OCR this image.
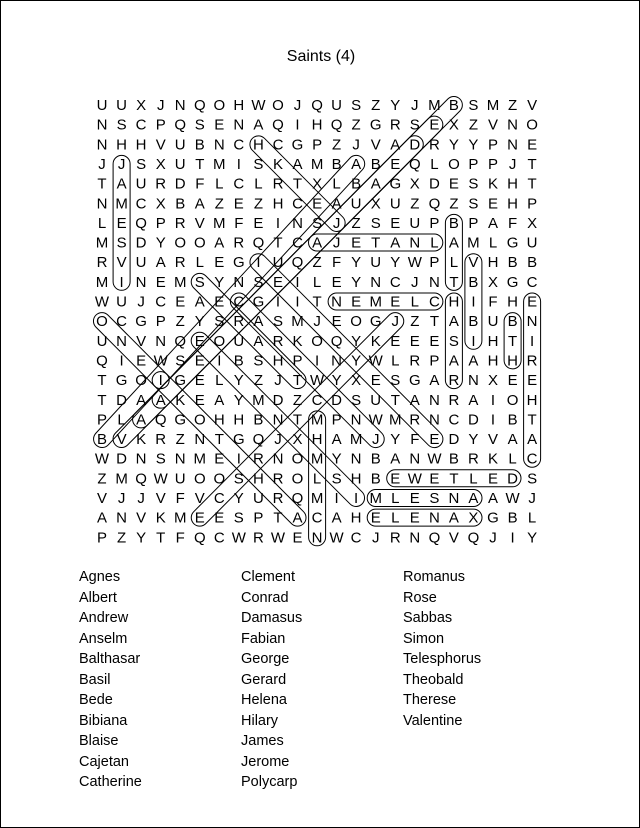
Saints (4)
U U X J N Q O H W O J Q U S Z Y J M B S M Z V
N S C P Q S E N A Q I H Q Z G R S E X Z V N O
N H H V U B N C H C G P Z J V A D R Y Y P N E
J J S X U T M I S K A M B A B E Q L O P P J T
T A U R D F L C L R T X L B A G X D E S K H T
N M C X B A Z E Z H C E A U X U Z Q Z S E H P
L E Q P R V M F E I N S J Z S E U P B P A F X
M S D Y O O A R Q T C A J E T A N L A M L G U
R V U A R L E G I U Q Z F Y U Y W P L V H B B
M I N E M S Y N S E I L E Y N C J N T B X G C
W U J C E A E C G I I T N E M E L C H I F H E
O C G P Z Y S R A S M J E O G J Z T A B U B N
U N V N Q E O U A R K O Q Y K E E E S I H T I
Q I E W S E I B S H P I N Y W L R P A A H H R
T G O I G E L Y Z J T W Y X E S G A R N X E E
T D A A K E A Y M D Z C D S U T A N R A I O H
P L A Q G O H H B N T M P N W M R N C D I B T
B V K R Z N T G Q J X H A M J Y F E D Y V A A
W D N S N M E I R N O M Y N B A N W B R K L C
Z M Q W U O O S H R O L S H B E W E T L E D S
V J J V F V C Y U R Q M I I M L E S N A A W J
A N V K M E E S P T A C A H E L E N A X G B L
P Z Y T F Q C W R W E N W C J R N Q V Q J I Y
Agnes
Albert
Andrew
Anselm
Balthasar
Basil
Bede
Bibiana
Blaise
Cajetan
Catherine
Clement
Conrad
Damasus
Fabian
George
Gerard
Helena
Hilary
James
Jerome
Polycarp
Romanus
Rose
Sabbas
Simon
Telesphorus
Theobald
Therese
Valentine
